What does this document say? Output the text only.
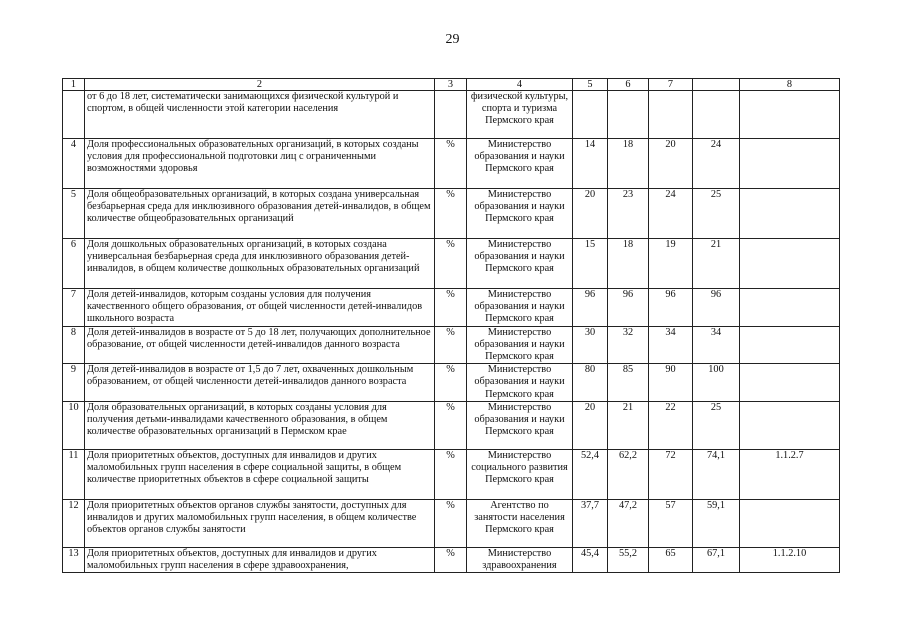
29
1	2	3	4	5	6	7		8
	от 6 до 18 лет, систематически занимающихся физической культурой и спортом, в общей численности этой категории населения		физической культуры, спорта и туризма Пермского края					
4	Доля профессиональных образовательных организаций, в которых созданы условия для профессиональной подготовки лиц с ограниченными возможностями здоровья	%	Министерство образования и науки Пермского края	14	18	20	24	
5	Доля общеобразовательных организаций, в которых создана универсальная безбарьерная среда для инклюзивного образования детей-инвалидов, в общем количестве общеобразовательных организаций	%	Министерство образования и науки Пермского края	20	23	24	25	
6	Доля дошкольных образовательных организаций, в которых создана универсальная безбарьерная среда для инклюзивного образования детей-инвалидов, в общем количестве дошкольных образовательных организаций	%	Министерство образования и науки Пермского края	15	18	19	21	
7	Доля детей-инвалидов, которым созданы условия для получения качественного общего образования, от общей численности детей-инвалидов школьного возраста	%	Министерство образования и науки Пермского края	96	96	96	96	
8	Доля детей-инвалидов в возрасте от 5 до 18 лет, получающих дополнительное образование, от общей численности детей-инвалидов данного возраста	%	Министерство образования и науки Пермского края	30	32	34	34	
9	Доля детей-инвалидов в возрасте от 1,5 до 7 лет, охваченных дошкольным образованием, от общей численности детей-инвалидов данного возраста	%	Министерство образования и науки Пермского края	80	85	90	100	
10	Доля образовательных организаций, в которых созданы условия для получения детьми-инвалидами качественного образования, в общем количестве образовательных организаций в Пермском крае	%	Министерство образования и науки Пермского края	20	21	22	25	
11	Доля приоритетных объектов, доступных для инвалидов и других маломобильных групп населения в сфере социальной защиты, в общем количестве приоритетных объектов в сфере социальной защиты	%	Министерство социального развития Пермского края	52,4	62,2	72	74,1	1.1.2.7
12	Доля приоритетных объектов органов службы занятости, доступных для инвалидов и других маломобильных групп населения, в общем количестве объектов органов службы занятости	%	Агентство по занятости населения Пермского края	37,7	47,2	57	59,1	
13	Доля приоритетных объектов, доступных для инвалидов и других маломобильных групп населения в сфере здравоохранения,	%	Министерство здравоохранения	45,4	55,2	65	67,1	1.1.2.10
